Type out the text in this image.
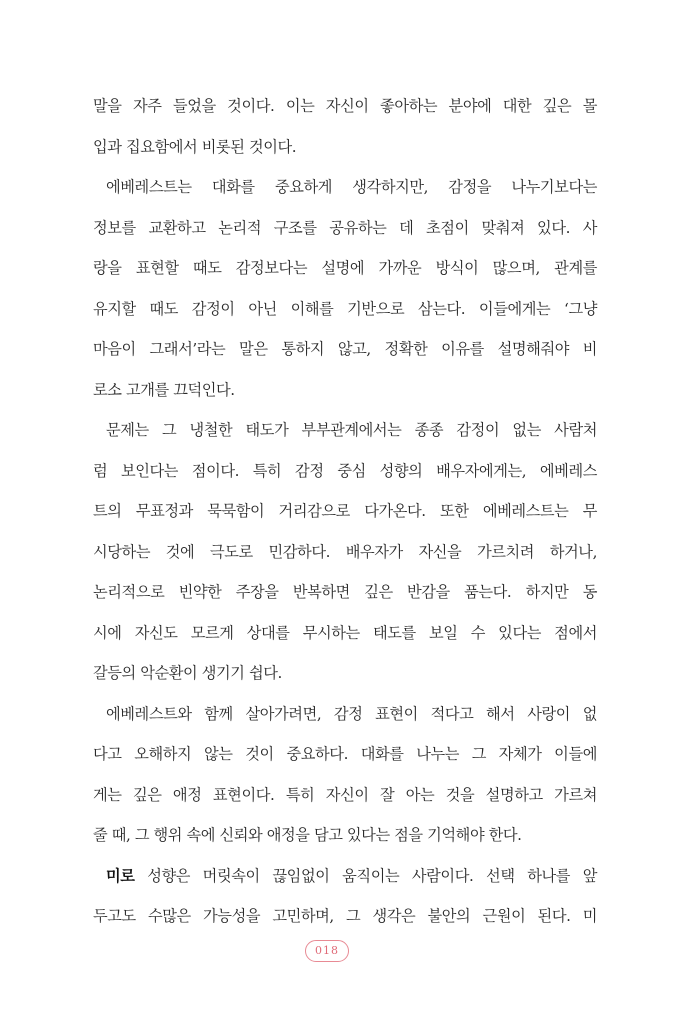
말을 자주 들었을 것이다. 이는 자신이 좋아하는 분야에 대한 깊은 몰
입과 집요함에서 비롯된 것이다.
에베레스트는 대화를 중요하게 생각하지만, 감정을 나누기보다는
정보를 교환하고 논리적 구조를 공유하는 데 초점이 맞춰져 있다. 사
랑을 표현할 때도 감정보다는 설명에 가까운 방식이 많으며, 관계를
유지할 때도 감정이 아닌 이해를 기반으로 삼는다. 이들에게는 ‘그냥
마음이 그래서’라는 말은 통하지 않고, 정확한 이유를 설명해줘야 비
로소 고개를 끄덕인다.
문제는 그 냉철한 태도가 부부관계에서는 종종 감정이 없는 사람처
럼 보인다는 점이다. 특히 감정 중심 성향의 배우자에게는, 에베레스
트의 무표정과 묵묵함이 거리감으로 다가온다. 또한 에베레스트는 무
시당하는 것에 극도로 민감하다. 배우자가 자신을 가르치려 하거나,
논리적으로 빈약한 주장을 반복하면 깊은 반감을 품는다. 하지만 동
시에 자신도 모르게 상대를 무시하는 태도를 보일 수 있다는 점에서
갈등의 악순환이 생기기 쉽다.
에베레스트와 함께 살아가려면, 감정 표현이 적다고 해서 사랑이 없
다고 오해하지 않는 것이 중요하다. 대화를 나누는 그 자체가 이들에
게는 깊은 애정 표현이다. 특히 자신이 잘 아는 것을 설명하고 가르쳐
줄 때, 그 행위 속에 신뢰와 애정을 담고 있다는 점을 기억해야 한다.
미로 성향은 머릿속이 끊임없이 움직이는 사람이다. 선택 하나를 앞
두고도 수많은 가능성을 고민하며, 그 생각은 불안의 근원이 된다. 미
018
